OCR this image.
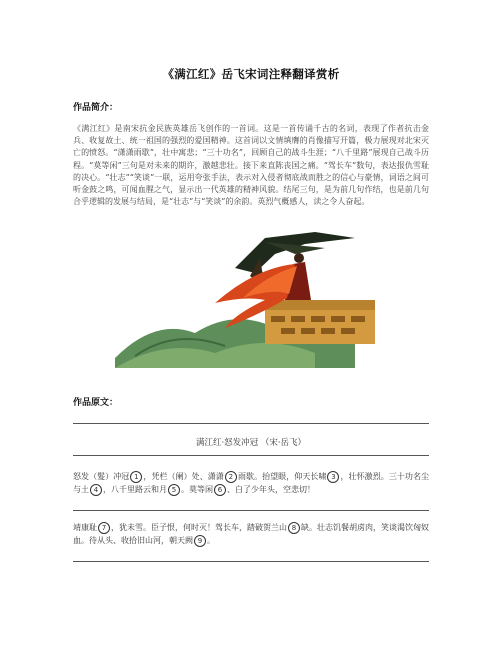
《满江红》岳飞宋词注释翻译赏析
作品简介：
《满江红》是南宋抗金民族英雄岳飞创作的一首词。这是一首传诵千古的名词，表现了作者抗击金兵、收复故土、统一祖国的强烈的爱国精神。这首词以文情填膺的肖像描写开篇，极力展现对北宋灭亡的愤怒。“潇潇雨歇”，壮中寓悲；“三十功名”，回顾自己的战斗生涯；“八千里路”展现自己战斗历程。“莫等闲”三句是对未来的期许，激越悲壮。接下来直陈丧国之痛。“驾长车”数句，表达报仇雪耻的决心。“壮志”“笑谈”一联，运用夸张手法，表示对入侵者彻底战而胜之的信心与豪情，词语之间可听金鼓之鸣，可闻血腥之气，显示出一代英雄的精神风貌。结尾三句，是为前几句作结，也是前几句合乎逻辑的发展与结局，是“壮志”与“笑谈”的余韵。英烈气概感人，读之令人奋起。
作品原文：
满江红·怒发冲冠 （宋·岳飞）
怒发（髮）冲冠 1 ，凭栏（阑）处、潇潇 2 雨歇。抬望眼，仰天长啸 3 ，壮怀激烈。三十功名尘与土 4 ，八千里路云和月 5 。莫等闲 6 、白了少年头，空悲切！
靖康耻 7 ，犹未雪。臣子恨，何时灭！驾长车，踏破贺兰山 8 缺。壮志饥餐胡虏肉，笑谈渴饮匈奴血。待从头、收拾旧山河，朝天阙 9 。
